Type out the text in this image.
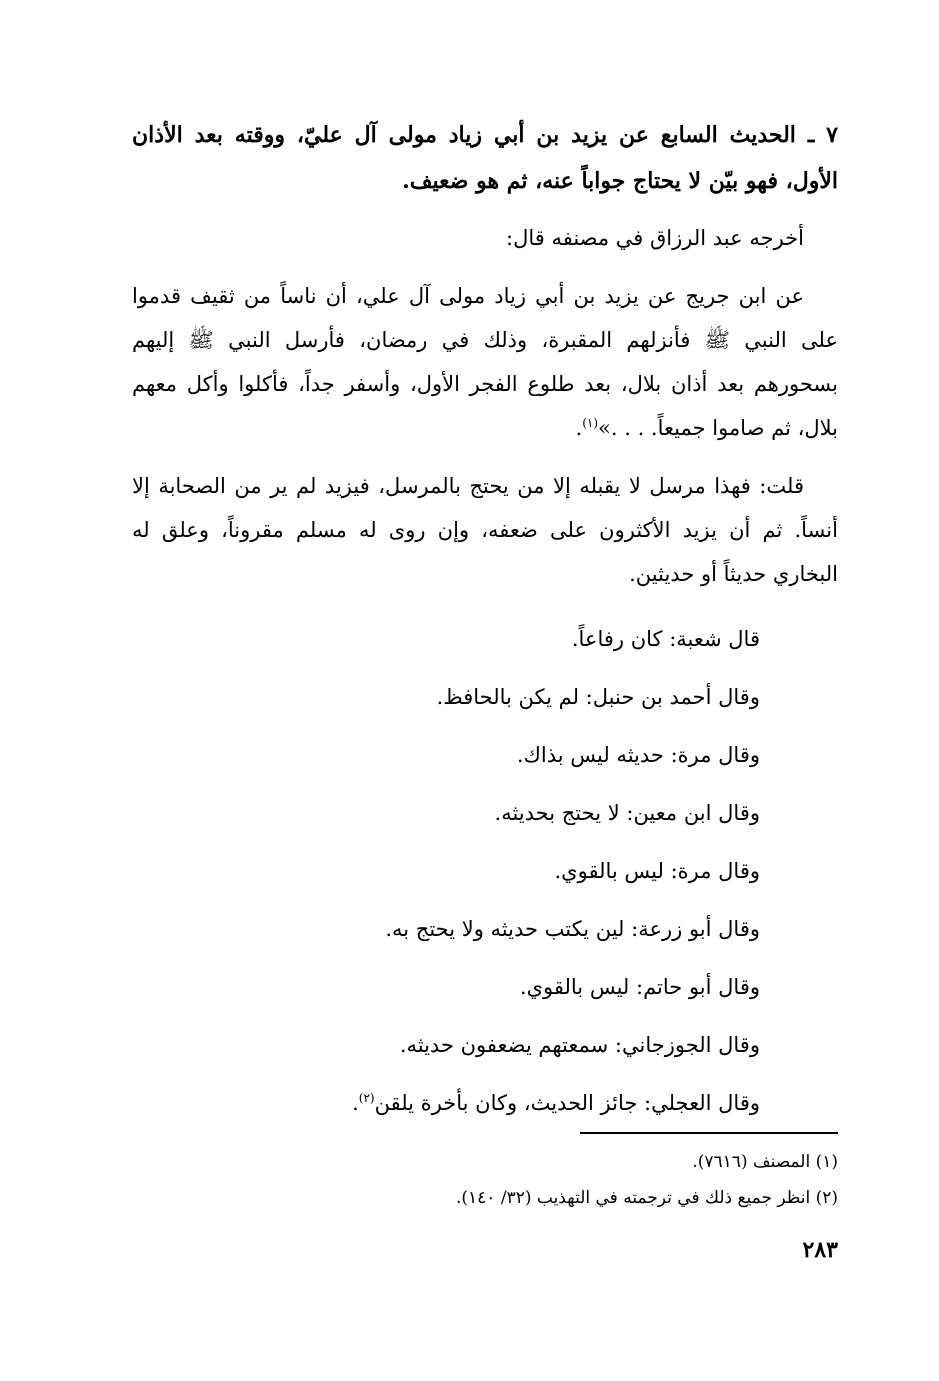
٧ ـ الحديث السابع عن يزيد بن أبي زياد مولى آل عليّ، ووقته بعد الأذان الأول، فهو بيّن لا يحتاج جواباً عنه، ثم هو ضعيف.

أخرجه عبد الرزاق في مصنفه قال:

عن ابن جريج عن يزيد بن أبي زياد مولى آل علي، أن ناساً من ثقيف قدموا على النبي ﷺ فأنزلهم المقبرة، وذلك في رمضان، فأرسل النبي ﷺ إليهم بسحورهم بعد أذان بلال، بعد طلوع الفجر الأول، وأسفر جداً، فأكلوا وأكل معهم بلال، ثم صاموا جميعاً. . . .»$^{(١)}$.

قلت: فهذا مرسل لا يقبله إلا من يحتج بالمرسل، فيزيد لم ير من الصحابة إلا أنساً. ثم أن يزيد الأكثرون على ضعفه، وإن روى له مسلم مقروناً، وعلق له البخاري حديثاً أو حديثين.

قال شعبة: كان رفاعاً.
وقال أحمد بن حنبل: لم يكن بالحافظ.
وقال مرة: حديثه ليس بذاك.
وقال ابن معين: لا يحتج بحديثه.
وقال مرة: ليس بالقوي.
وقال أبو زرعة: لين يكتب حديثه ولا يحتج به.
وقال أبو حاتم: ليس بالقوي.
وقال الجوزجاني: سمعتهم يضعفون حديثه.
وقال العجلي: جائز الحديث، وكان بأخرة يلقن$^{(٢)}$.
(١) المصنف (٧٦١٦).
(٢) انظر جميع ذلك في ترجمته في التهذيب (٣٢/ ١٤٠).
٢٨٣
